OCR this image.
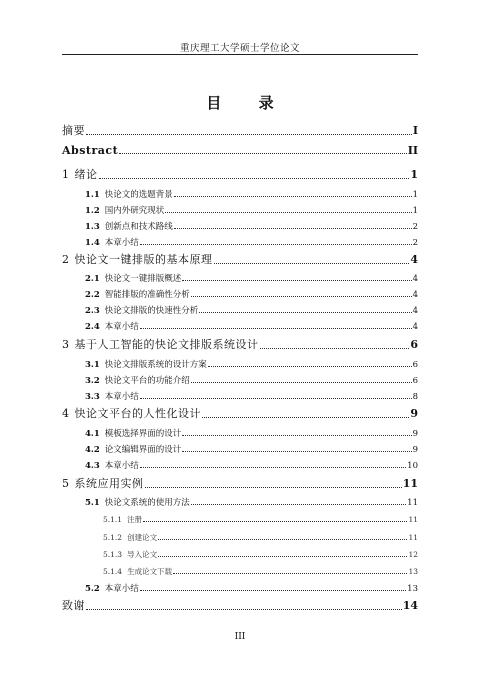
重庆理工大学硕士学位论文
目 录
摘要	I
Abstract	II
1 绪论	1
1.1 快论文的选题背景	1
1.2 国内外研究现状	1
1.3 创新点和技术路线	2
1.4 本章小结	2
2 快论文一键排版的基本原理	4
2.1 快论文一键排版概述	4
2.2 智能排版的准确性分析	4
2.3 快论文排版的快速性分析	4
2.4 本章小结	4
3 基于人工智能的快论文排版系统设计	6
3.1 快论文排版系统的设计方案	6
3.2 快论文平台的功能介绍	6
3.3 本章小结	8
4 快论文平台的人性化设计	9
4.1 模板选择界面的设计	9
4.2 论文编辑界面的设计	9
4.3 本章小结	10
5 系统应用实例	11
5.1 快论文系统的使用方法	11
5.1.1 注册	11
5.1.2 创建论文	11
5.1.3 导入论文	12
5.1.4 生成论文下载	13
5.2 本章小结	13
致谢	14
III
